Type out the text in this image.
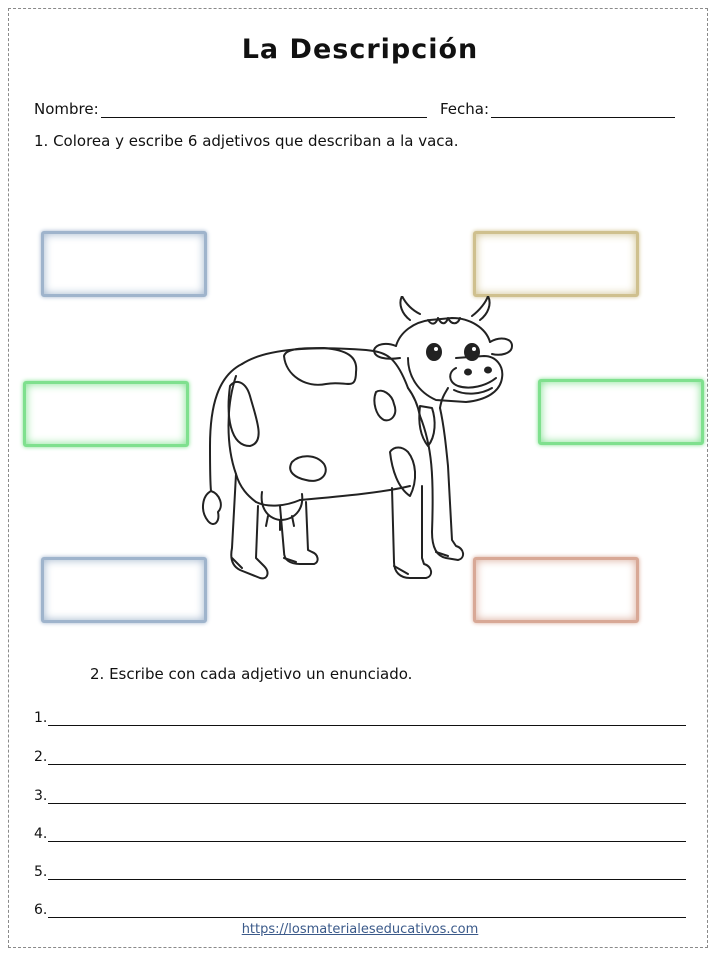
La Descripción
Nombre:	Fecha:
1. Colorea y escribe 6 adjetivos que describan a la vaca.
2. Escribe con cada adjetivo un enunciado.
1.
2.
3.
4.
5.
6.
https://losmaterialeseducativos.com
